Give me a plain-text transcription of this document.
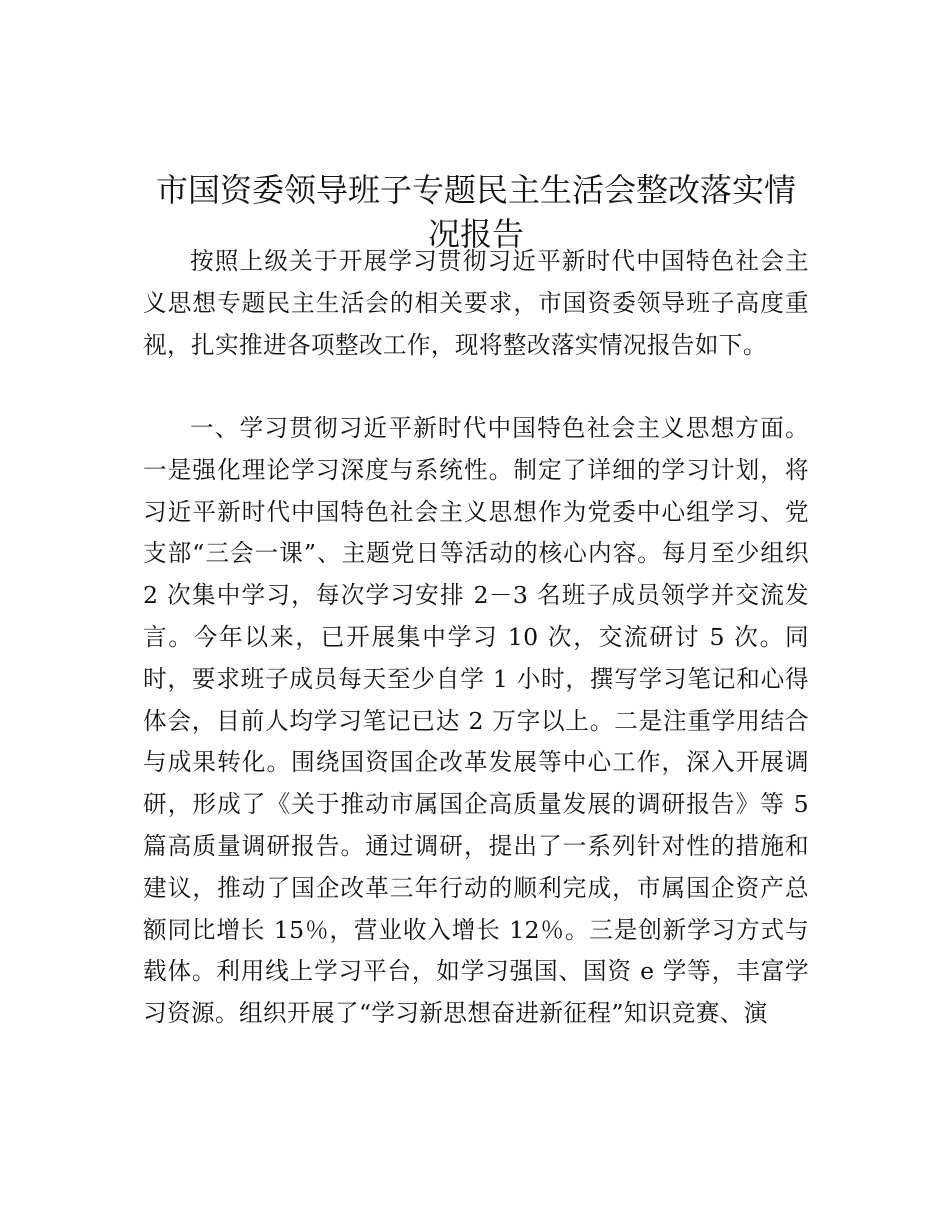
市国资委领导班子专题民主生活会整改落实情况报告

按照上级关于开展学习贯彻习近平新时代中国特色社会主义思想专题民主生活会的相关要求，市国资委领导班子高度重视，扎实推进各项整改工作，现将整改落实情况报告如下。

一、学习贯彻习近平新时代中国特色社会主义思想方面。一是强化理论学习深度与系统性。制定了详细的学习计划，将习近平新时代中国特色社会主义思想作为党委中心组学习、党支部“三会一课”、主题党日等活动的核心内容。每月至少组织 2 次集中学习，每次学习安排 2－3 名班子成员领学并交流发言。今年以来，已开展集中学习 10 次，交流研讨 5 次。同时，要求班子成员每天至少自学 1 小时，撰写学习笔记和心得体会，目前人均学习笔记已达 2 万字以上。二是注重学用结合与成果转化。围绕国资国企改革发展等中心工作，深入开展调研，形成了《关于推动市属国企高质量发展的调研报告》等 5 篇高质量调研报告。通过调研，提出了一系列针对性的措施和建议，推动了国企改革三年行动的顺利完成，市属国企资产总额同比增长 15％，营业收入增长 12％。三是创新学习方式与载体。利用线上学习平台，如学习强国、国资 e 学等，丰富学习资源。组织开展了“学习新思想奋进新征程”知识竞赛、演
